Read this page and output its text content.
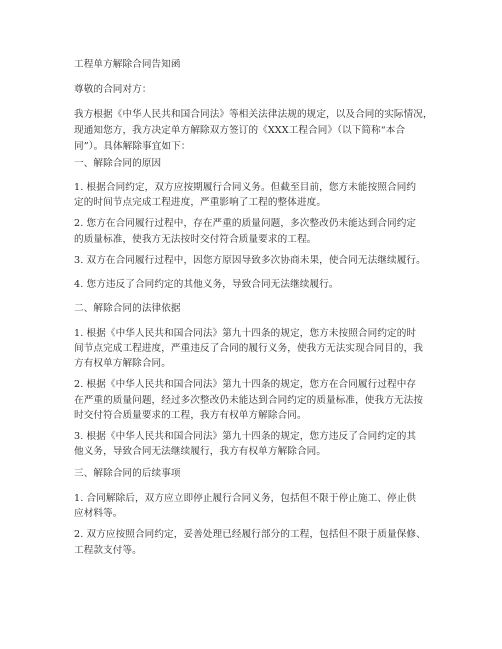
工程单方解除合同告知函
尊敬的合同对方：
我方根据《中华人民共和国合同法》等相关法律法规的规定，以及合同的实际情况，
现通知您方，我方决定单方解除双方签订的《XXX工程合同》（以下简称“本合
同”）。具体解除事宜如下：
一、解除合同的原因
1. 根据合同约定，双方应按期履行合同义务。但截至目前，您方未能按照合同约
定的时间节点完成工程进度，严重影响了工程的整体进度。
2. 您方在合同履行过程中，存在严重的质量问题，多次整改仍未能达到合同约定
的质量标准，使我方无法按时交付符合质量要求的工程。
3. 双方在合同履行过程中，因您方原因导致多次协商未果，使合同无法继续履行。
4. 您方违反了合同约定的其他义务，导致合同无法继续履行。
二、解除合同的法律依据
1. 根据《中华人民共和国合同法》第九十四条的规定，您方未按照合同约定的时
间节点完成工程进度，严重违反了合同的履行义务，使我方无法实现合同目的，我
方有权单方解除合同。
2. 根据《中华人民共和国合同法》第九十四条的规定，您方在合同履行过程中存
在严重的质量问题，经过多次整改仍未能达到合同约定的质量标准，使我方无法按
时交付符合质量要求的工程，我方有权单方解除合同。
3. 根据《中华人民共和国合同法》第九十四条的规定，您方违反了合同约定的其
他义务，导致合同无法继续履行，我方有权单方解除合同。
三、解除合同的后续事项
1. 合同解除后，双方应立即停止履行合同义务，包括但不限于停止施工、停止供
应材料等。
2. 双方应按照合同约定，妥善处理已经履行部分的工程，包括但不限于质量保修、
工程款支付等。
